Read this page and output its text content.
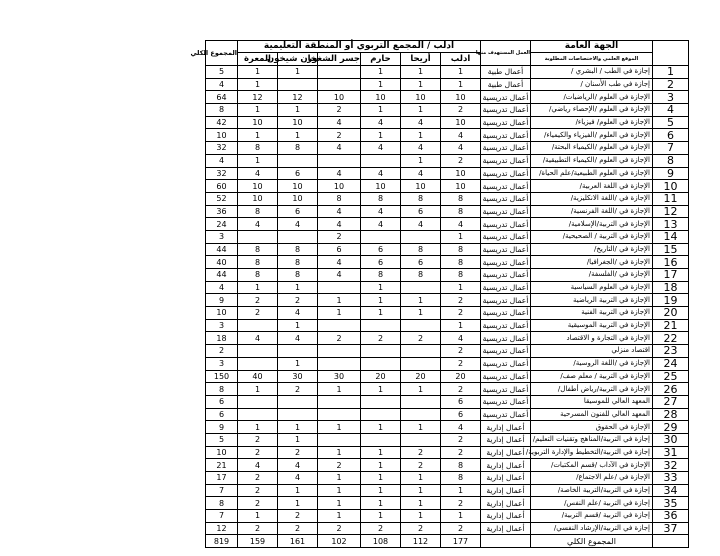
	الجهة العامة	العمل المستهدف منها	ادلب / المجمع التربوي أو المنطقة التعليمية						المجموع الكلي
	الموقع العلمي والاختصاصات المطلوبة		ادلب	أريحا	حارم	جسر الشغور	خان شيخون	المعرة	
1	إجازة في الطب / البشري /	أعمال طبية	1	1	1		1	1	5
2	إجازة في طب الأسنان /	أعمال طبية	1	1	1			1	4
3	الإجازة في العلوم /الرياضيات/	أعمال تدريسية	10	10	10	10	12	12	64
4	الإجازة في العلوم /الإحصاء رياضي/	أعمال تدريسية	2	1	1	2	1	1	8
5	الإجازة في العلوم/ فيزياء/	أعمال تدريسية	10	4	4	4	10	10	42
6	الإجازة في العلوم /الفيزياء والكيمياء/	أعمال تدريسية	4	1	1	2	1	1	10
7	الإجازة في العلوم /الكيمياء البحتة/	أعمال تدريسية	4	4	4	4	8	8	32
8	الإجازة في العلوم /الكيمياء التطبيقية/	أعمال تدريسية	2	1				1	4
9	الإجازة في العلوم الطبيعية/علم الحياة/	أعمال تدريسية	10	4	4	4	6	4	32
10	الإجازة في اللغة العربية/	أعمال تدريسية	10	10	10	10	10	10	60
11	الإجازة في /اللغة الانكليزية/	أعمال تدريسية	8	8	8	8	10	10	52
12	الإجازة في /اللغة الفرنسية/	أعمال تدريسية	8	6	4	4	6	8	36
13	الإجازة في التربية/الإسلامية/	أعمال تدريسية	4	4	4	4	4	4	24
14	الإجازة في التربية / الصحيحية/	أعمال تدريسية	1			2			3
15	الإجازة في /التاريخ/	أعمال تدريسية	8	8	6	6	8	8	44
16	الإجازة في /الجغرافيا/	أعمال تدريسية	8	6	6	4	8	8	40
17	الإجازة في /الفلسفة/	أعمال تدريسية	8	8	8	4	8	8	44
18	الإجازة في العلوم السياسية	أعمال تدريسية	1		1		1	1	4
19	الإجازة في التربية الرياضية	أعمال تدريسية	2	1	1	1	2	2	9
20	الإجازة في التربية الفنية	أعمال تدريسية	2	1	1	1	4	2	10
21	الإجازة في التربية الموسيقية	أعمال تدريسية	1				1		3
22	الإجازة في التجارة و الاقتصاد	أعمال تدريسية	4	2	2	2	4	4	18
23	اقتصاد منزلي	أعمال تدريسية	2						2
24	الإجازة في /اللغة الروسية/	أعمال تدريسية	2				1		3
25	الإجازة في التربية / معلم صف/	أعمال تدريسية	20	20	20	30	30	40	150
26	الإجازة في التربية/رياض أطفال/	أعمال تدريسية	2	1	1	1	2	1	8
27	المعهد العالي للموسيقا	أعمال تدريسية	6						6
28	المعهد العالي للفنون المسرحية	أعمال تدريسية	6						6
29	الإجازة في الحقوق	أعمال إدارية	4	1	1	1	1	1	9
30	إجازة في التربية/المناهج وتقنيات التعليم/	أعمال إدارية	2				1	2	5
31	إجازة في التربية/التخطيط والإدارة التربوية/	أعمال إدارية	2	2	1	1	2	2	10
32	الإجازة في الآداب /قسم المكتبات/	أعمال إدارية	8	2	1	2	4	4	21
33	الإجازة في /علم الاجتماع/	أعمال إدارية	8	1	1	1	4	2	17
34	إجازة في التربية/التربية الخاصة/	أعمال إدارية	1	1	1	1	1	2	7
35	إجازة في التربية /علم النفس/	أعمال إدارية	2	1	1	1	1	2	8
36	إجازة في التربية /قسم التربية/	أعمال إدارية	1	1	1	1	2	1	7
37	إجازة في التربية/الإرشاد النفسي/	أعمال إدارية	2	2	2	2	2	2	12
	المجموع الكلي		177	112	108	102	161	159	819
